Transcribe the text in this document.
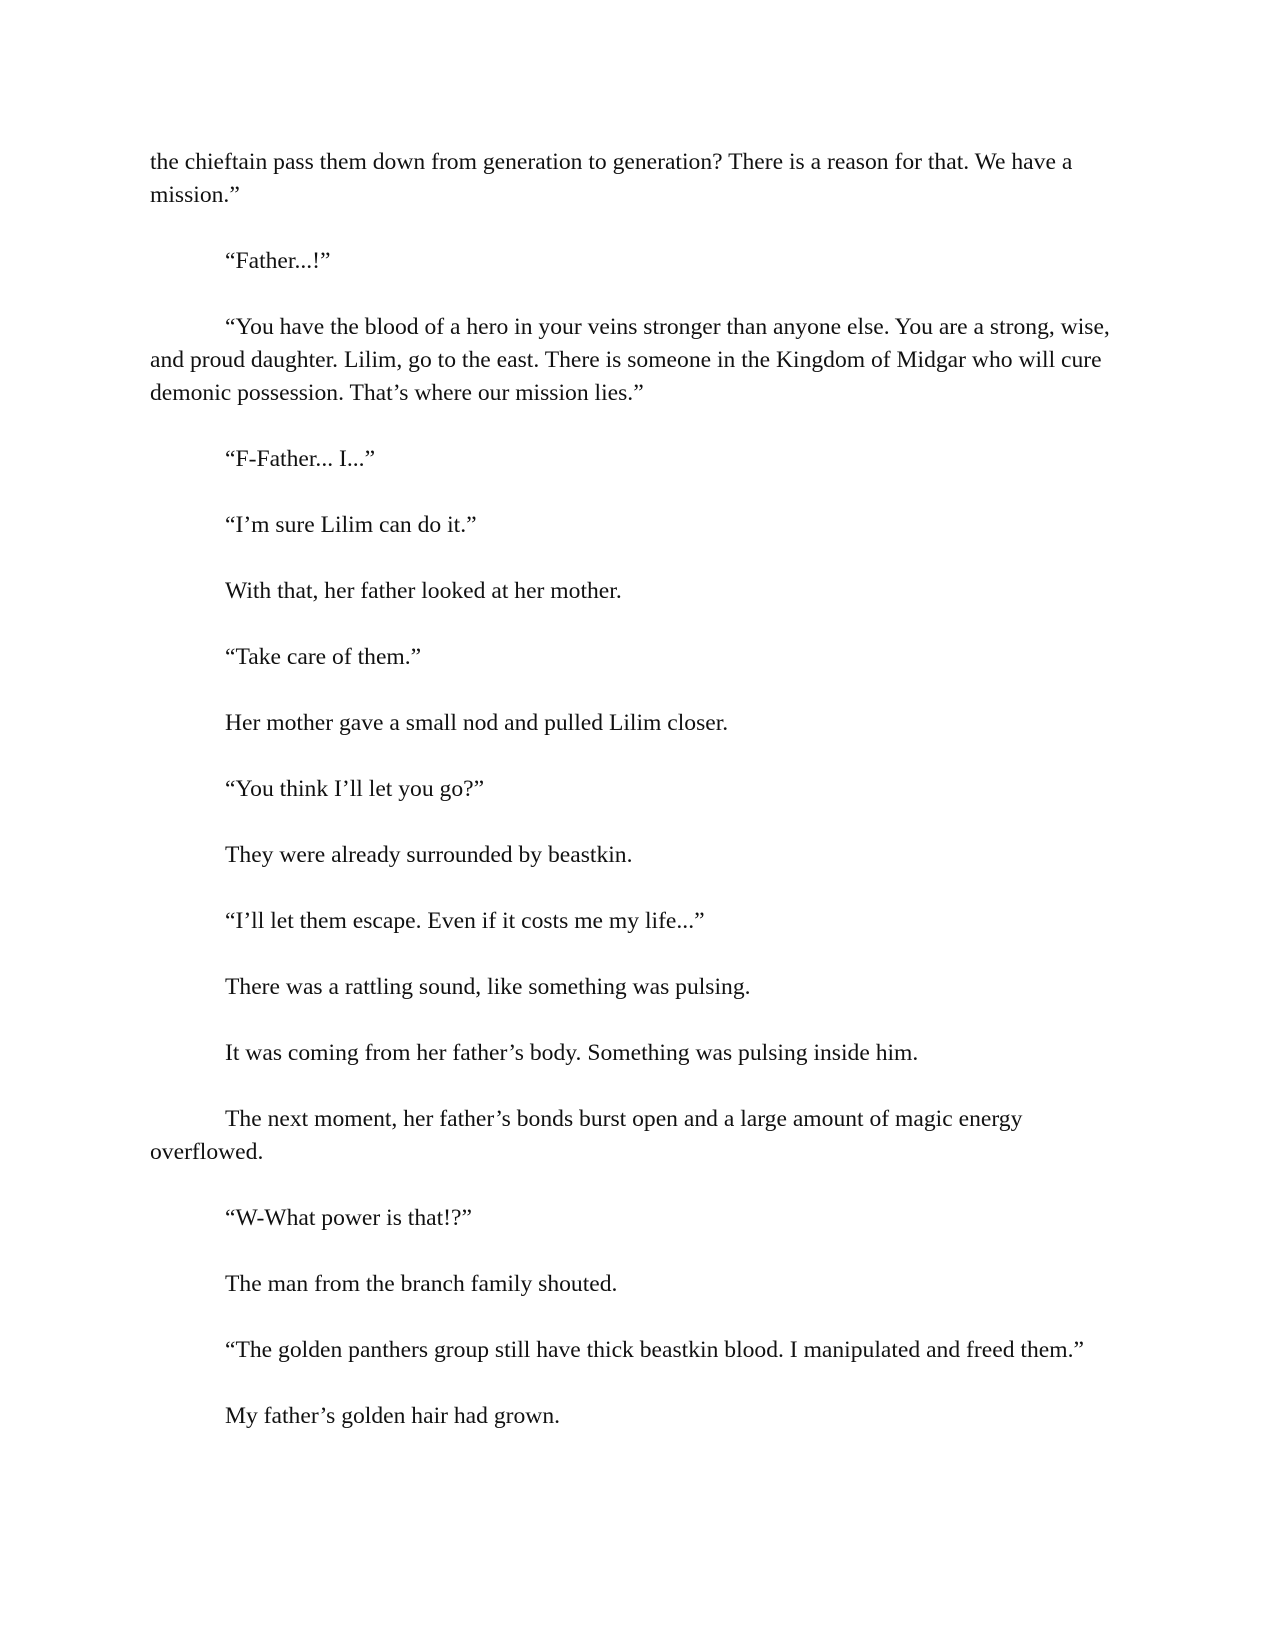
the chieftain pass them down from generation to generation? There is a reason for that. We have a mission.”

“Father...!”

“You have the blood of a hero in your veins stronger than anyone else. You are a strong, wise, and proud daughter. Lilim, go to the east. There is someone in the Kingdom of Midgar who will cure demonic possession. That’s where our mission lies.”

“F-Father... I...”

“I’m sure Lilim can do it.”

With that, her father looked at her mother.

“Take care of them.”

Her mother gave a small nod and pulled Lilim closer.

“You think I’ll let you go?”

They were already surrounded by beastkin.

“I’ll let them escape. Even if it costs me my life...”

There was a rattling sound, like something was pulsing.

It was coming from her father’s body. Something was pulsing inside him.

The next moment, her father’s bonds burst open and a large amount of magic energy overflowed.

“W-What power is that!?”

The man from the branch family shouted.

“The golden panthers group still have thick beastkin blood. I manipulated and freed them.”

My father’s golden hair had grown.
